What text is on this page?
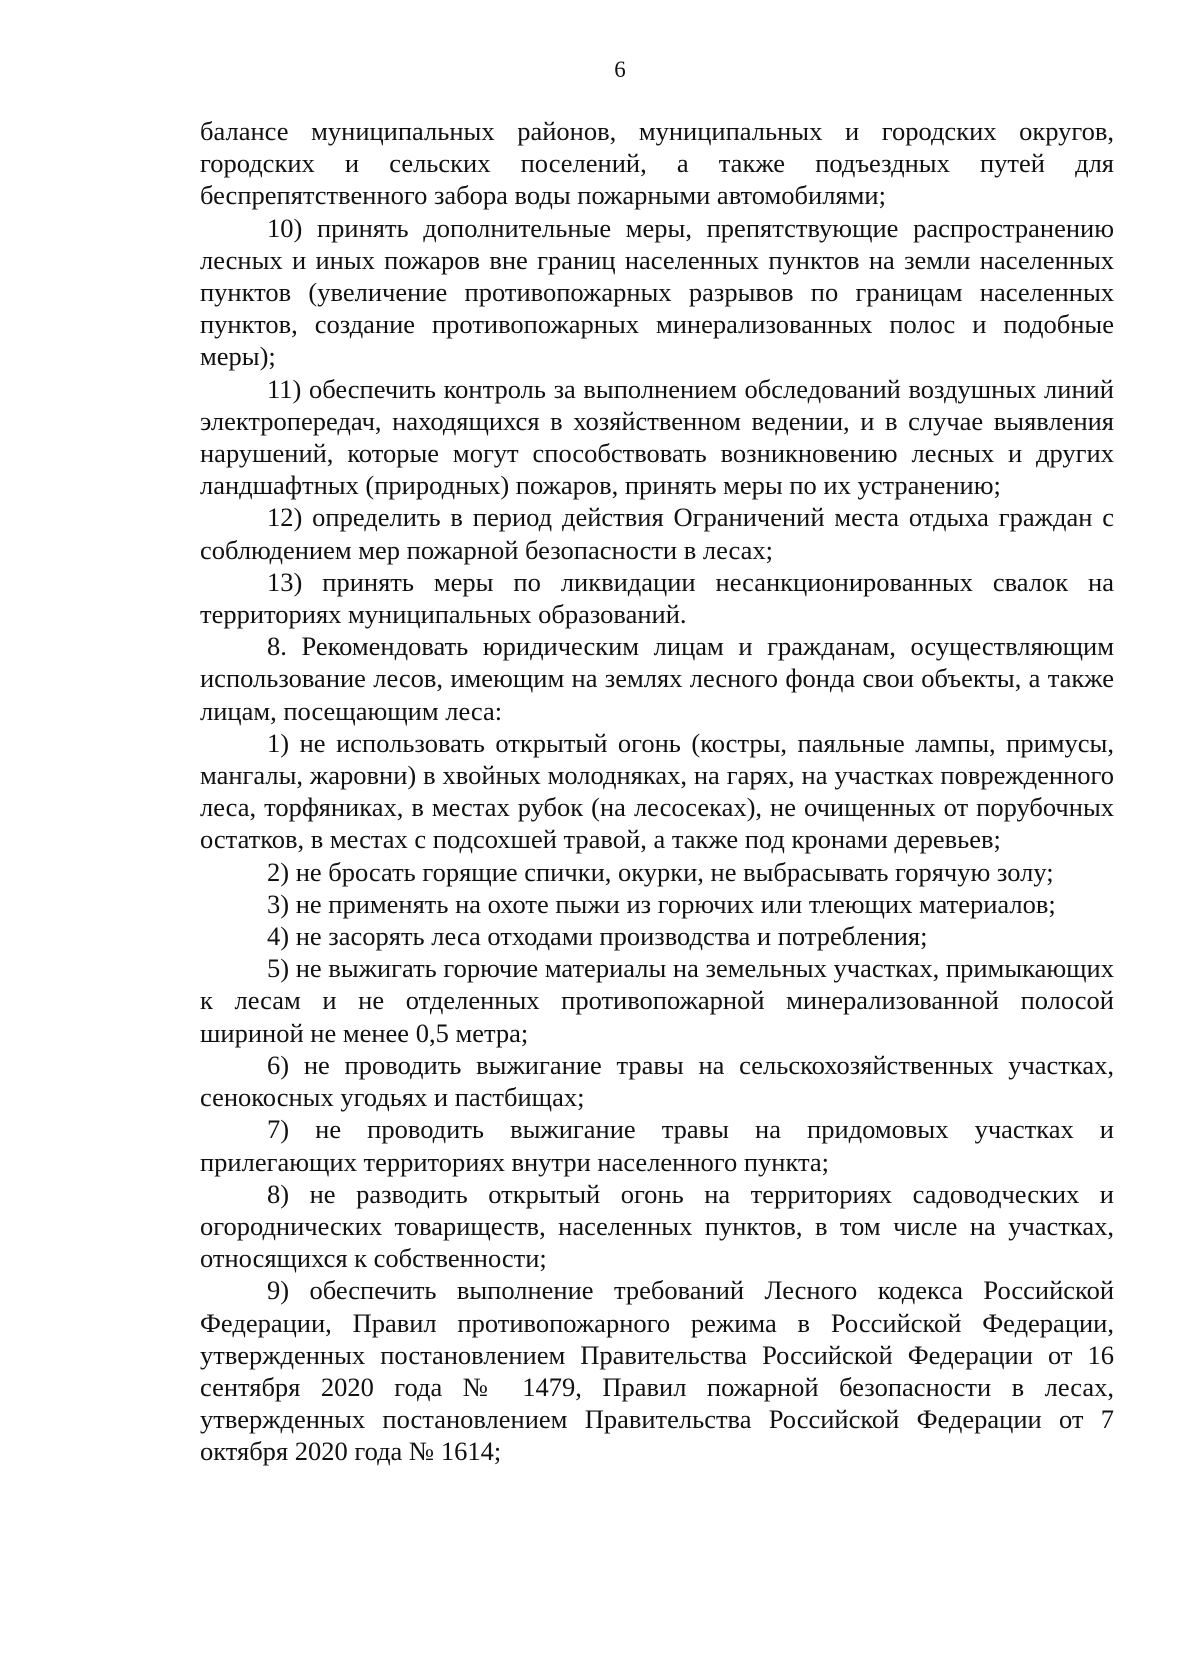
6

балансе муниципальных районов, муниципальных и городских округов, городских и сельских поселений, а также подъездных путей для беспрепятственного забора воды пожарными автомобилями;

10) принять дополнительные меры, препятствующие распространению лесных и иных пожаров вне границ населенных пунктов на земли населенных пунктов (увеличение противопожарных разрывов по границам населенных пунктов, создание противопожарных минерализованных полос и подобные меры);

11) обеспечить контроль за выполнением обследований воздушных линий электропередач, находящихся в хозяйственном ведении, и в случае выявления нарушений, которые могут способствовать возникновению лесных и других ландшафтных (природных) пожаров, принять меры по их устранению;

12) определить в период действия Ограничений места отдыха граждан с соблюдением мер пожарной безопасности в лесах;

13) принять меры по ликвидации несанкционированных свалок на территориях муниципальных образований.

8. Рекомендовать юридическим лицам и гражданам, осуществляющим использование лесов, имеющим на землях лесного фонда свои объекты, а также лицам, посещающим леса:

1) не использовать открытый огонь (костры, паяльные лампы, примусы, мангалы, жаровни) в хвойных молодняках, на гарях, на участках поврежденного леса, торфяниках, в местах рубок (на лесосеках), не очищенных от порубочных остатков, в местах с подсохшей травой, а также под кронами деревьев;

2) не бросать горящие спички, окурки, не выбрасывать горячую золу;

3) не применять на охоте пыжи из горючих или тлеющих материалов;

4) не засорять леса отходами производства и потребления;

5) не выжигать горючие материалы на земельных участках, примыкающих к лесам и не отделенных противопожарной минерализованной полосой шириной не менее 0,5 метра;

6) не проводить выжигание травы на сельскохозяйственных участках, сенокосных угодьях и пастбищах;

7) не проводить выжигание травы на придомовых участках и прилегающих территориях внутри населенного пункта;

8) не разводить открытый огонь на территориях садоводческих и огороднических товариществ, населенных пунктов, в том числе на участках, относящихся к собственности;

9) обеспечить выполнение требований Лесного кодекса Российской Федерации, Правил противопожарного режима в Российской Федерации, утвержденных постановлением Правительства Российской Федерации от 16 сентября 2020 года № 1479, Правил пожарной безопасности в лесах, утвержденных постановлением Правительства Российской Федерации от 7 октября 2020 года № 1614;
